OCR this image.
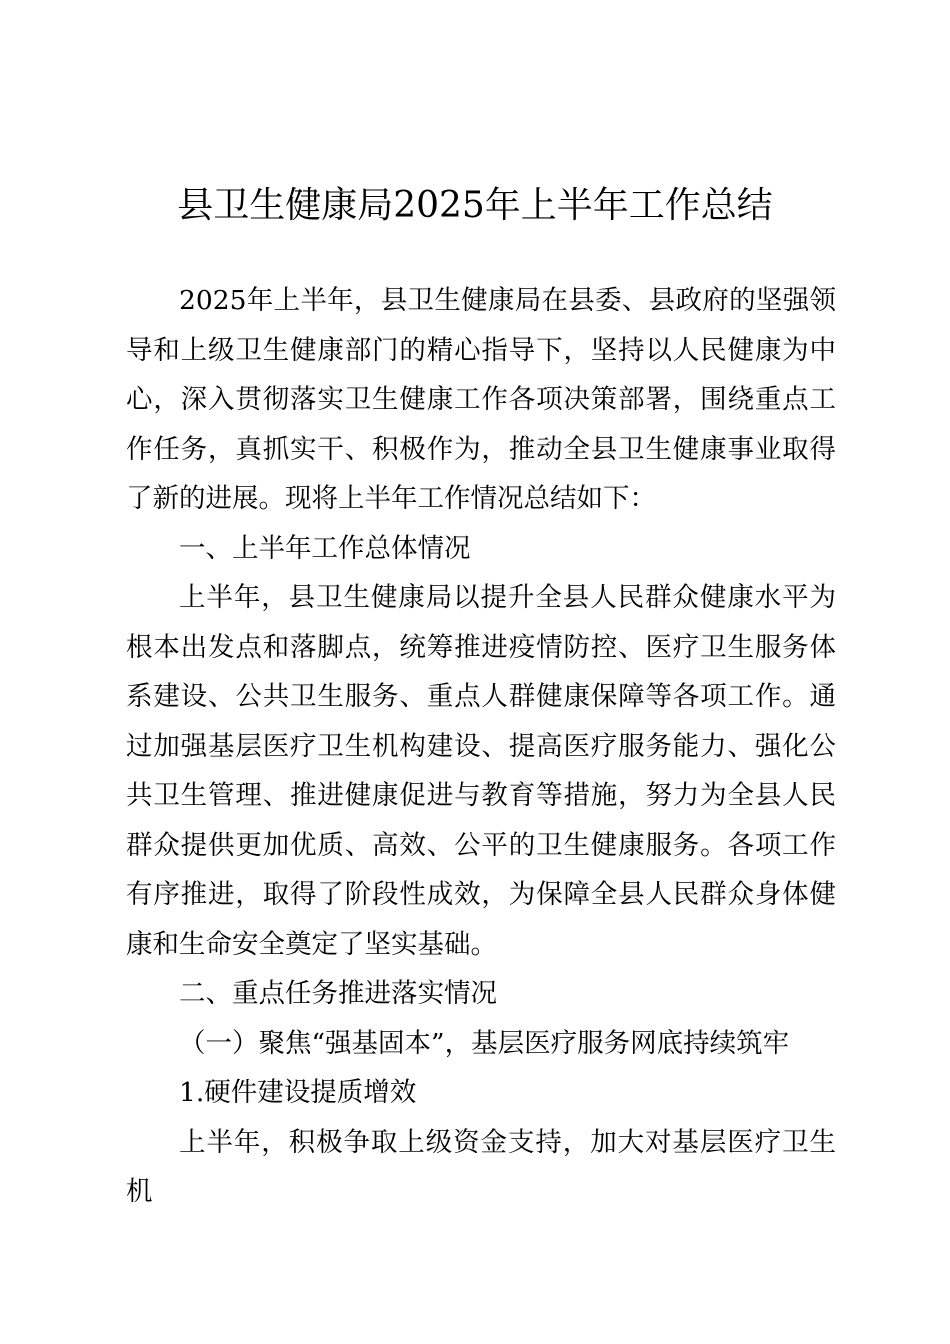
县卫生健康局2025年上半年工作总结

2025年上半年，县卫生健康局在县委、县政府的坚强领导和上级卫生健康部门的精心指导下，坚持以人民健康为中心，深入贯彻落实卫生健康工作各项决策部署，围绕重点工作任务，真抓实干、积极作为，推动全县卫生健康事业取得了新的进展。现将上半年工作情况总结如下：

一、上半年工作总体情况

上半年，县卫生健康局以提升全县人民群众健康水平为根本出发点和落脚点，统筹推进疫情防控、医疗卫生服务体系建设、公共卫生服务、重点人群健康保障等各项工作。通过加强基层医疗卫生机构建设、提高医疗服务能力、强化公共卫生管理、推进健康促进与教育等措施，努力为全县人民群众提供更加优质、高效、公平的卫生健康服务。各项工作有序推进，取得了阶段性成效，为保障全县人民群众身体健康和生命安全奠定了坚实基础。

二、重点任务推进落实情况

（一）聚焦“强基固本”，基层医疗服务网底持续筑牢

1.硬件建设提质增效

上半年，积极争取上级资金支持，加大对基层医疗卫生机
